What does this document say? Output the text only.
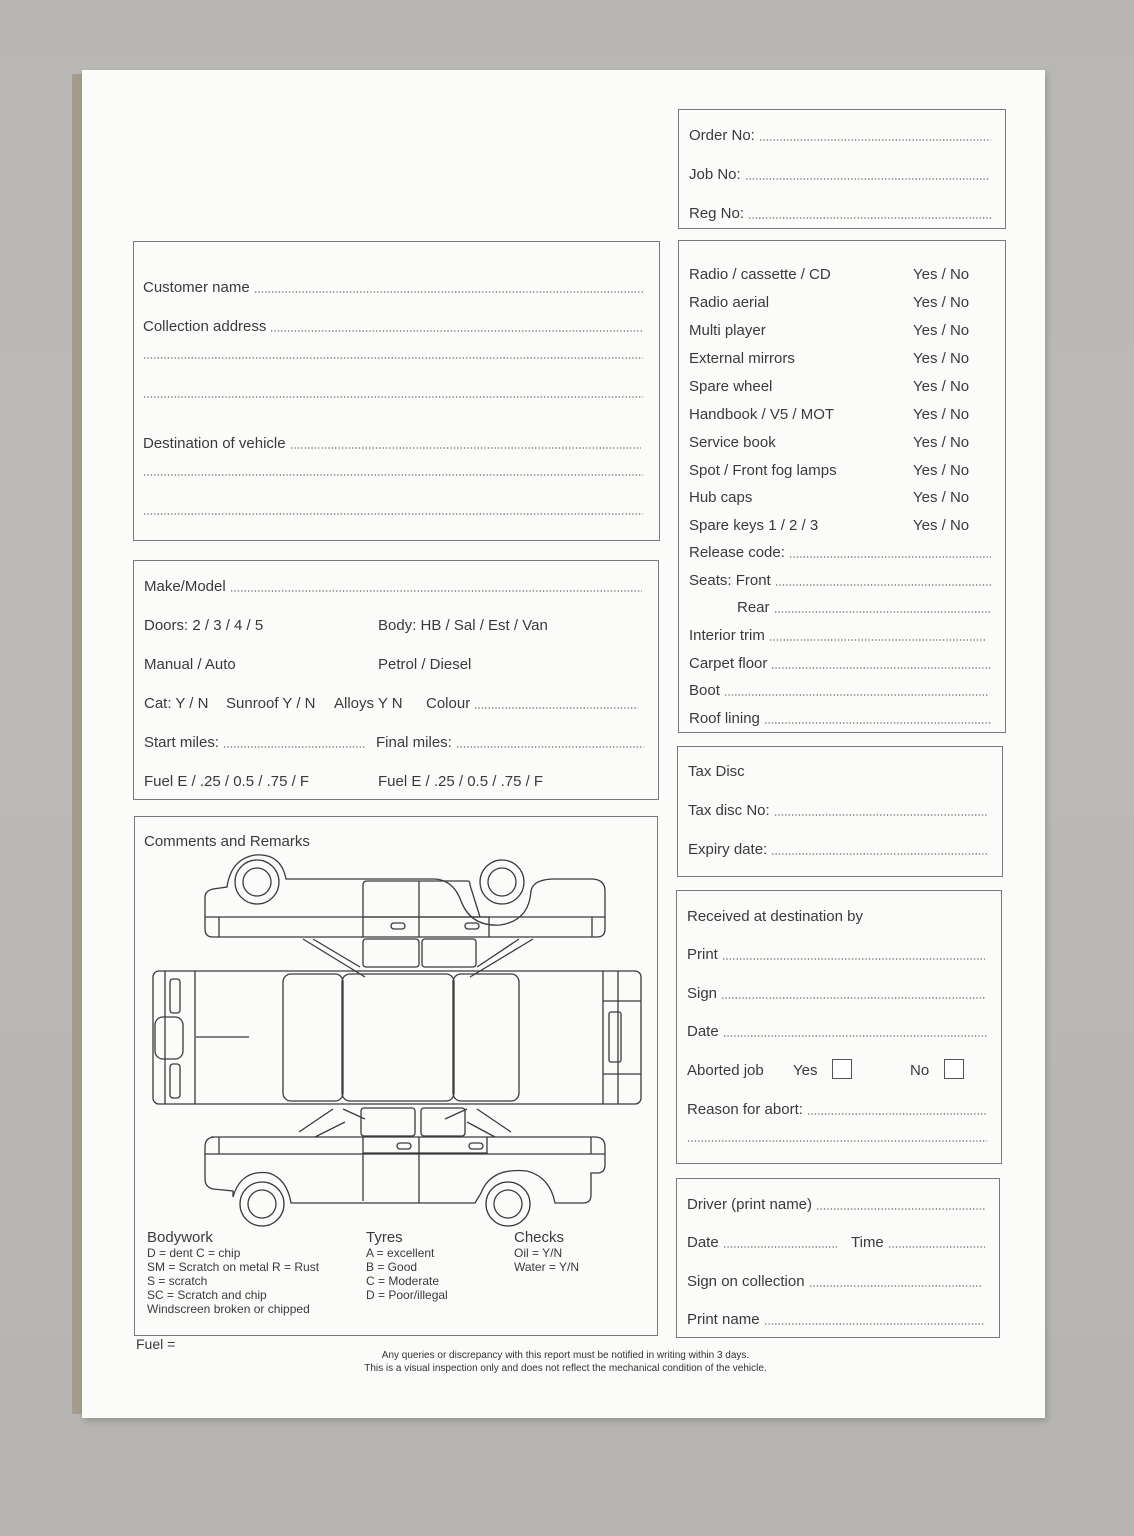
Order No:
Job No:
Reg No:
Customer name
Collection address
Destination of vehicle
Make/Model
Doors: 2 / 3 / 4 / 5	Body: HB / Sal / Est / Van
Manual / Auto	Petrol / Diesel
Cat: Y / N Sunroof Y / N Alloys Y N Colour
Start miles:	Final miles:
Fuel E / .25 / 0.5 / .75 / F	Fuel E / .25 / 0.5 / .75 / F
Comments and Remarks
Bodywork
D = dent C = chip
SM = Scratch on metal R = Rust
S = scratch
SC = Scratch and chip
Windscreen broken or chipped
Tyres
A = excellent
B = Good
C = Moderate
D = Poor/illegal
Checks
Oil = Y/N
Water = Y/N
Fuel =
Radio / cassette / CD	Yes / No
Radio aerial	Yes / No
Multi player	Yes / No
External mirrors	Yes / No
Spare wheel	Yes / No
Handbook / V5 / MOT	Yes / No
Service book	Yes / No
Spot / Front fog lamps	Yes / No
Hub caps	Yes / No
Spare keys 1 / 2 / 3	Yes / No
Release code:
Seats: Front
Rear
Interior trim
Carpet floor
Boot
Roof lining
Tax Disc
Tax disc No:
Expiry date:
Received at destination by
Print
Sign
Date
Aborted job Yes	No
Reason for abort:
Driver (print name)
Date	Time
Sign on collection
Print name
Any queries or discrepancy with this report must be notified in writing within 3 days.
This is a visual inspection only and does not reflect the mechanical condition of the vehicle.
